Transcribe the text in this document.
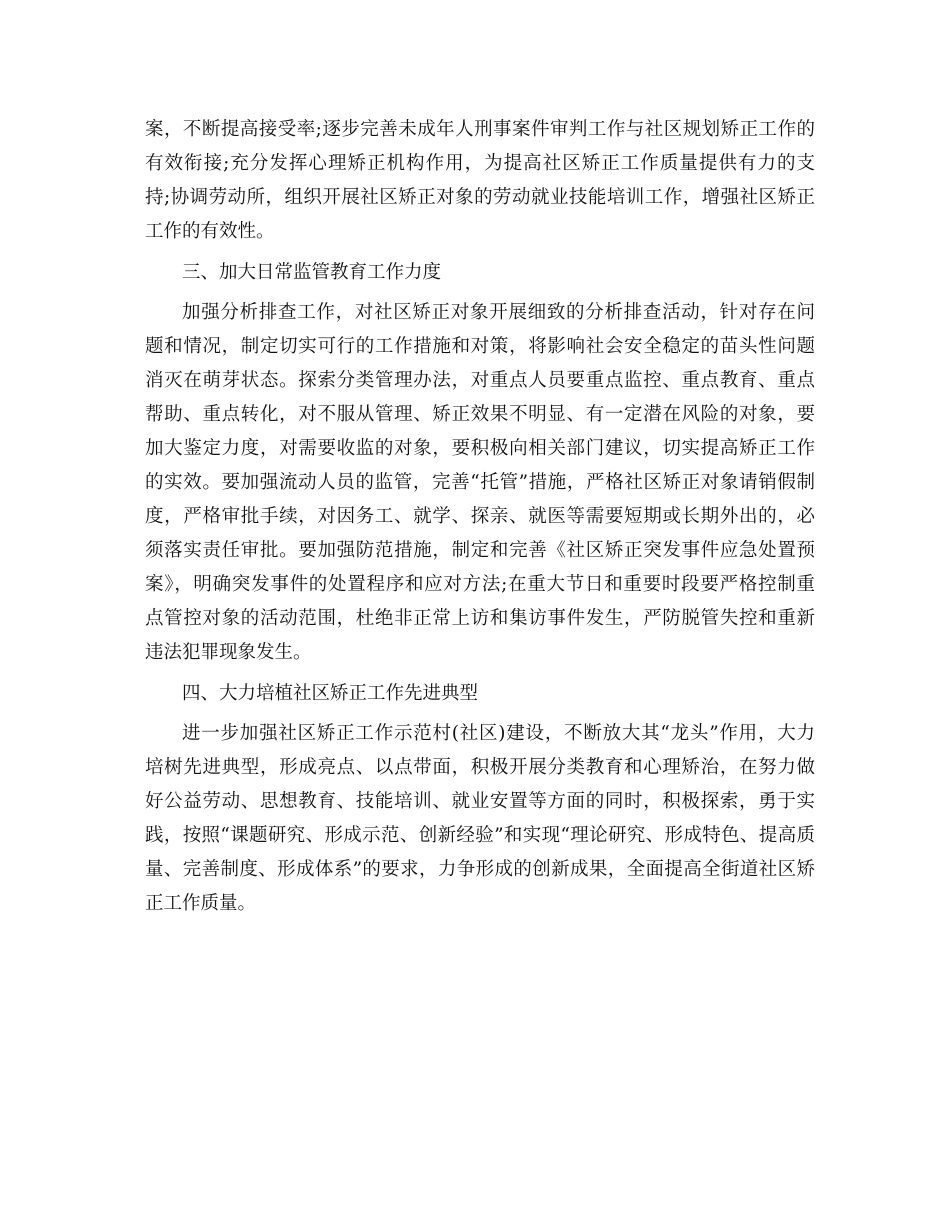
案，不断提高接受率;逐步完善未成年人刑事案件审判工作与社区规划矫正工作的
有效衔接;充分发挥心理矫正机构作用，为提高社区矫正工作质量提供有力的支
持;协调劳动所，组织开展社区矫正对象的劳动就业技能培训工作，增强社区矫正
工作的有效性。
三、加大日常监管教育工作力度
加强分析排查工作，对社区矫正对象开展细致的分析排查活动，针对存在问
题和情况，制定切实可行的工作措施和对策，将影响社会安全稳定的苗头性问题
消灭在萌芽状态。探索分类管理办法，对重点人员要重点监控、重点教育、重点
帮助、重点转化，对不服从管理、矫正效果不明显、有一定潜在风险的对象，要
加大鉴定力度，对需要收监的对象，要积极向相关部门建议，切实提高矫正工作
的实效。要加强流动人员的监管，完善“托管”措施，严格社区矫正对象请销假制
度，严格审批手续，对因务工、就学、探亲、就医等需要短期或长期外出的，必
须落实责任审批。要加强防范措施，制定和完善《社区矫正突发事件应急处置预
案》，明确突发事件的处置程序和应对方法;在重大节日和重要时段要严格控制重
点管控对象的活动范围，杜绝非正常上访和集访事件发生，严防脱管失控和重新
违法犯罪现象发生。
四、大力培植社区矫正工作先进典型
进一步加强社区矫正工作示范村(社区)建设，不断放大其“龙头”作用，大力
培树先进典型，形成亮点、以点带面，积极开展分类教育和心理矫治，在努力做
好公益劳动、思想教育、技能培训、就业安置等方面的同时，积极探索，勇于实
践，按照“课题研究、形成示范、创新经验”和实现“理论研究、形成特色、提高质
量、完善制度、形成体系”的要求，力争形成的创新成果，全面提高全街道社区矫
正工作质量。
